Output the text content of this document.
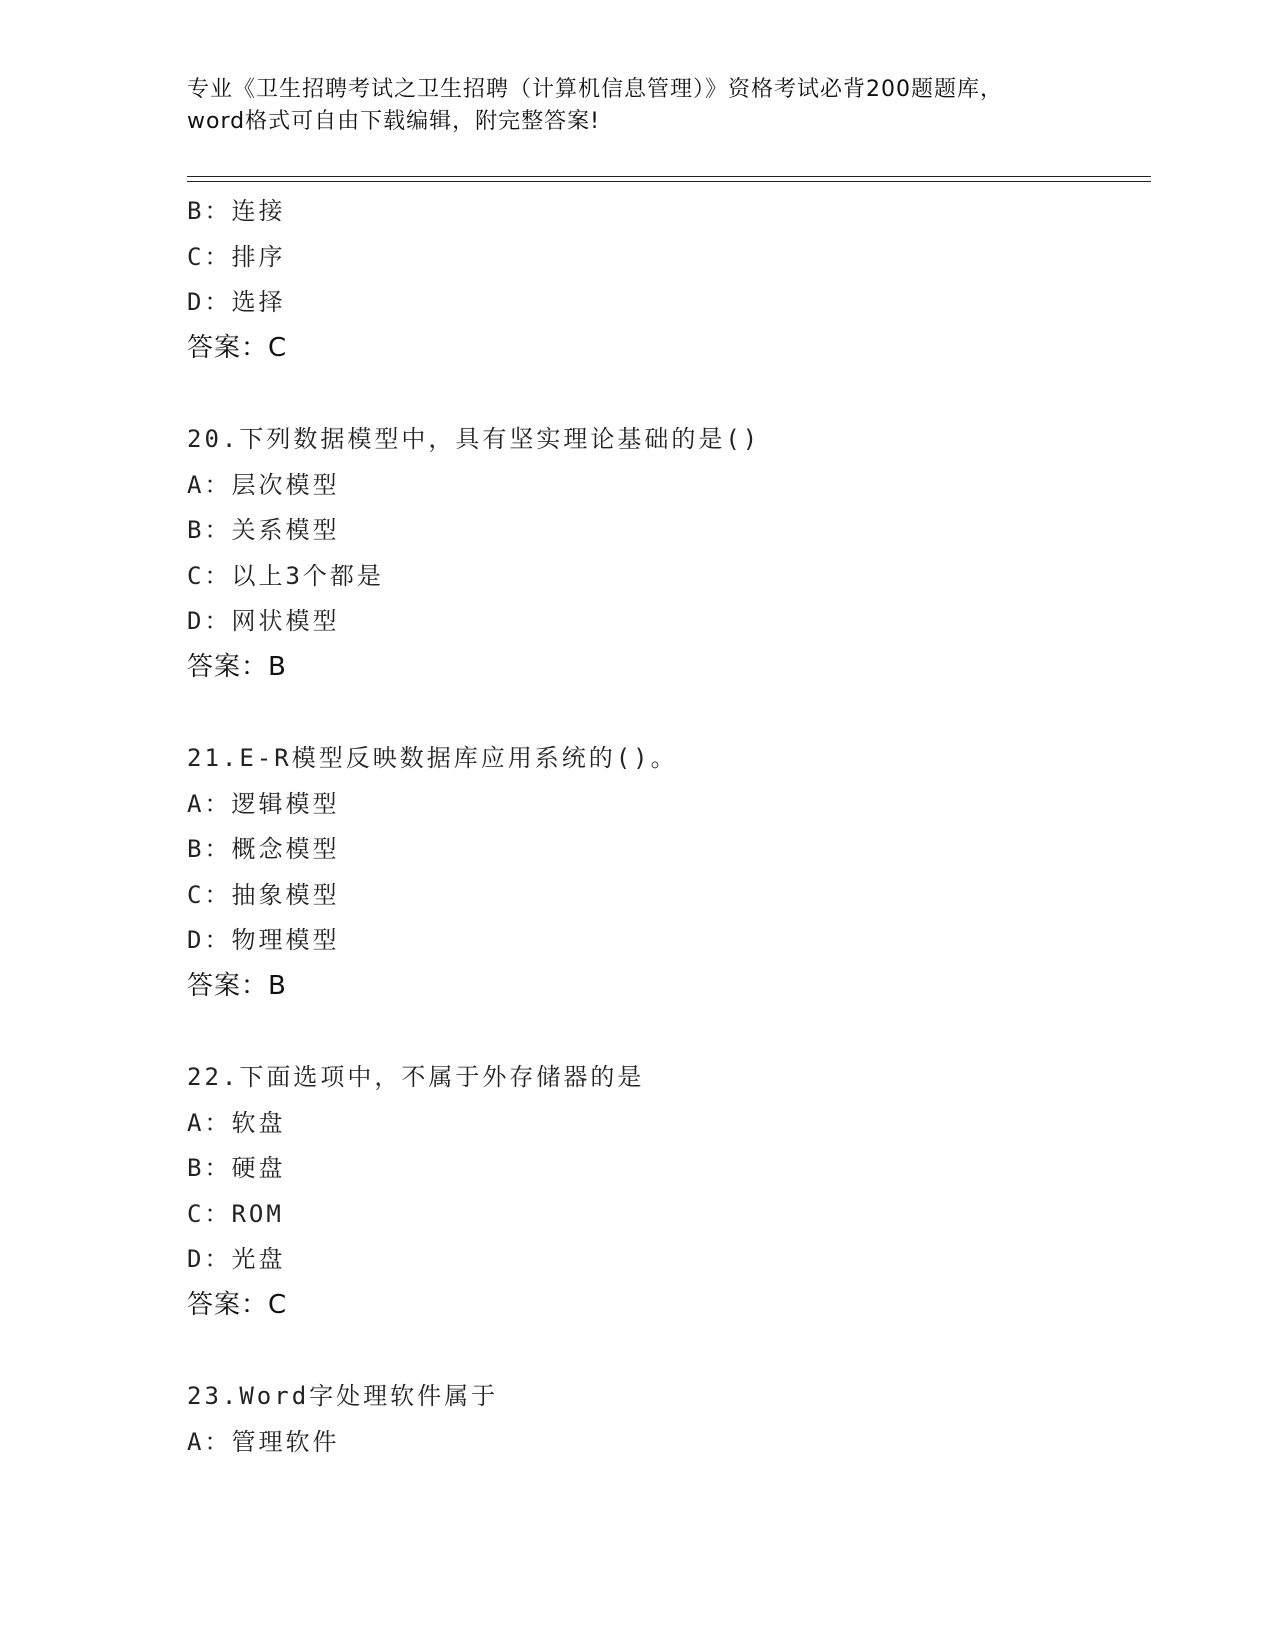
专业《卫生招聘考试之卫生招聘（计算机信息管理）》资格考试必背200题题库，
word格式可自由下载编辑，附完整答案!
B：连接
C：排序
D：选择
答案：C
20.下列数据模型中，具有坚实理论基础的是()
A：层次模型
B：关系模型
C：以上3个都是
D：网状模型
答案：B
21.E-R模型反映数据库应用系统的()。
A：逻辑模型
B：概念模型
C：抽象模型
D：物理模型
答案：B
22.下面选项中，不属于外存储器的是
A：软盘
B：硬盘
C：ROM
D：光盘
答案：C
23.Word字处理软件属于
A：管理软件
